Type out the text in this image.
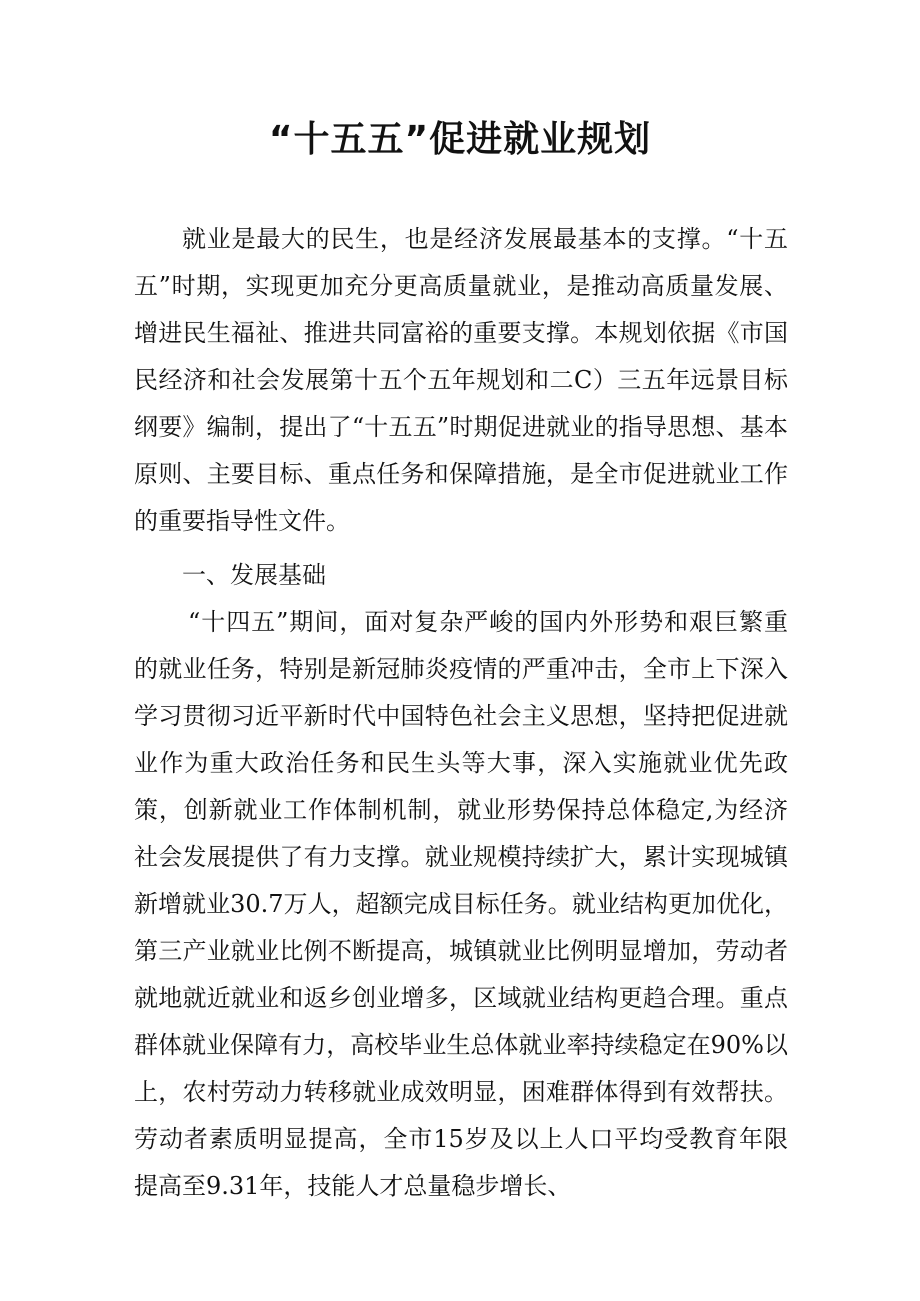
“十五五”促进就业规划

就业是最大的民生，也是经济发展最基本的支撑。“十五五”时期，实现更加充分更高质量就业，是推动高质量发展、增进民生福祉、推进共同富裕的重要支撑。本规划依据《市国民经济和社会发展第十五个五年规划和二C）三五年远景目标纲要》编制，提出了“十五五”时期促进就业的指导思想、基本原则、主要目标、重点任务和保障措施，是全市促进就业工作的重要指导性文件。

一、发展基础

“十四五”期间，面对复杂严峻的国内外形势和艰巨繁重的就业任务，特别是新冠肺炎疫情的严重冲击，全市上下深入学习贯彻习近平新时代中国特色社会主义思想，坚持把促进就业作为重大政治任务和民生头等大事，深入实施就业优先政策，创新就业工作体制机制，就业形势保持总体稳定,为经济社会发展提供了有力支撑。就业规模持续扩大，累计实现城镇新增就业30.7万人，超额完成目标任务。就业结构更加优化，第三产业就业比例不断提高，城镇就业比例明显增加，劳动者就地就近就业和返乡创业增多，区域就业结构更趋合理。重点群体就业保障有力，高校毕业生总体就业率持续稳定在90%以上，农村劳动力转移就业成效明显，困难群体得到有效帮扶。劳动者素质明显提高，全市15岁及以上人口平均受教育年限提高至9.31年，技能人才总量稳步增长、
